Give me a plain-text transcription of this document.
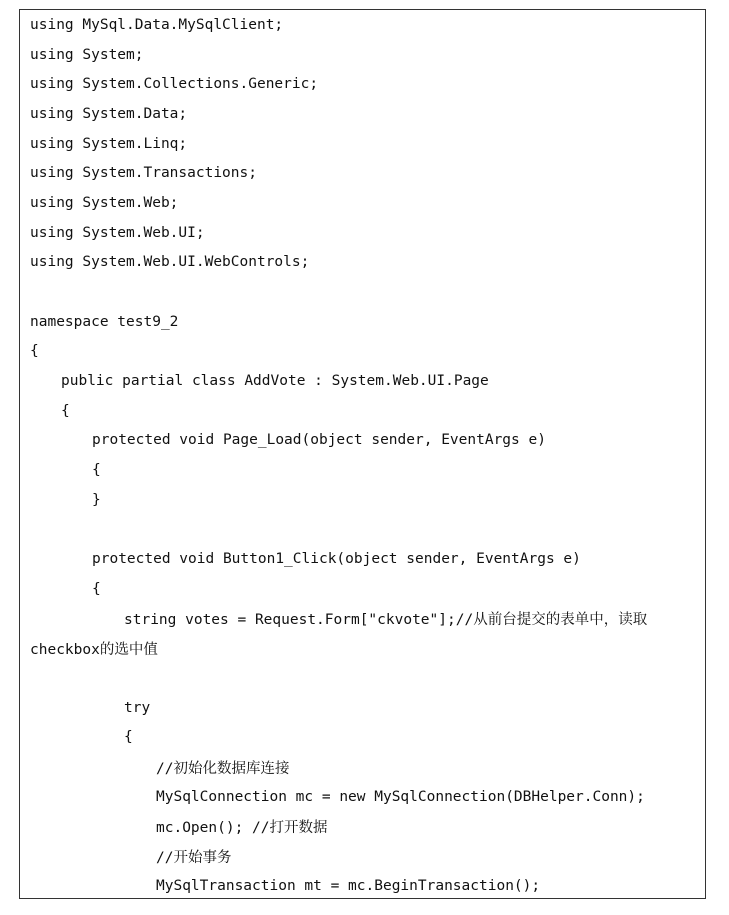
using MySql.Data.MySqlClient;
using System;
using System.Collections.Generic;
using System.Data;
using System.Linq;
using System.Transactions;
using System.Web;
using System.Web.UI;
using System.Web.UI.WebControls;
namespace test9_2
{
public partial class AddVote : System.Web.UI.Page
{
protected void Page_Load(object sender, EventArgs e)
{
}
protected void Button1_Click(object sender, EventArgs e)
{
string votes = Request.Form["ckvote"];//从前台提交的表单中，读取
checkbox的选中值
try
{
//初始化数据库连接
MySqlConnection mc = new MySqlConnection(DBHelper.Conn);
mc.Open(); //打开数据
//开始事务
MySqlTransaction mt = mc.BeginTransaction();
